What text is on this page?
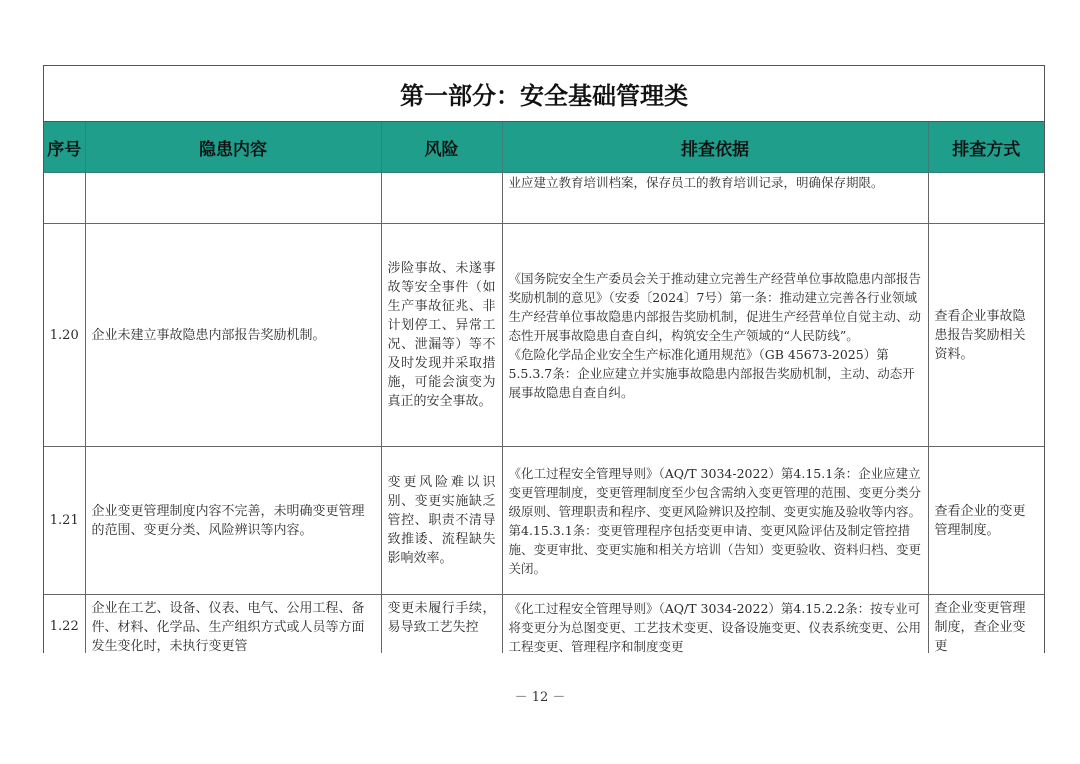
第一部分：安全基础管理类
序号	隐患内容	风险	排查依据	排查方式

			业应建立教育培训档案，保存员工的教育培训记录，明确保存期限。	

1.20	企业未建立事故隐患内部报告奖励机制。	涉险事故、未遂事故等安全事件（如生产事故征兆、非计划停工、异常工况、泄漏等）等不及时发现并采取措施，可能会演变为真正的安全事故。	《国务院安全生产委员会关于推动建立完善生产经营单位事故隐患内部报告奖励机制的意见》（安委〔2024〕7号）第一条：推动建立完善各行业领域生产经营单位事故隐患内部报告奖励机制，促进生产经营单位自觉主动、动态性开展事故隐患自查自纠，构筑安全生产领域的“人民防线”。
《危险化学品企业安全生产标准化通用规范》（GB 45673-2025）第5.5.3.7条：企业应建立并实施事故隐患内部报告奖励机制，主动、动态开展事故隐患自查自纠。	查看企业事故隐患报告奖励相关资料。
1.21	企业变更管理制度内容不完善，未明确变更管理的范围、变更分类、风险辨识等内容。	变更风险难以识别、变更实施缺乏管控、职责不清导致推诿、流程缺失影响效率。	《化工过程安全管理导则》（AQ/T 3034-2022）第4.15.1条：企业应建立变更管理制度，变更管理制度至少包含需纳入变更管理的范围、变更分类分级原则、管理职责和程序、变更风险辨识及控制、变更实施及验收等内容。
第4.15.3.1条：变更管理程序包括变更申请、变更风险评估及制定管控措施、变更审批、变更实施和相关方培训（告知）变更验收、资料归档、变更关闭。	查看企业的变更管理制度。
1.22	企业在工艺、设备、仪表、电气、公用工程、备件、材料、化学品、生产组织方式或人员等方面发生变化时，未执行变更管	变更未履行手续，易导致工艺失控	《化工过程安全管理导则》（AQ/T 3034-2022）第4.15.2.2条：按专业可将变更分为总图变更、工艺技术变更、设备设施变更、仪表系统变更、公用工程变更、管理程序和制度变更	查企业变更管理制度，查企业变更
－ 12 －
